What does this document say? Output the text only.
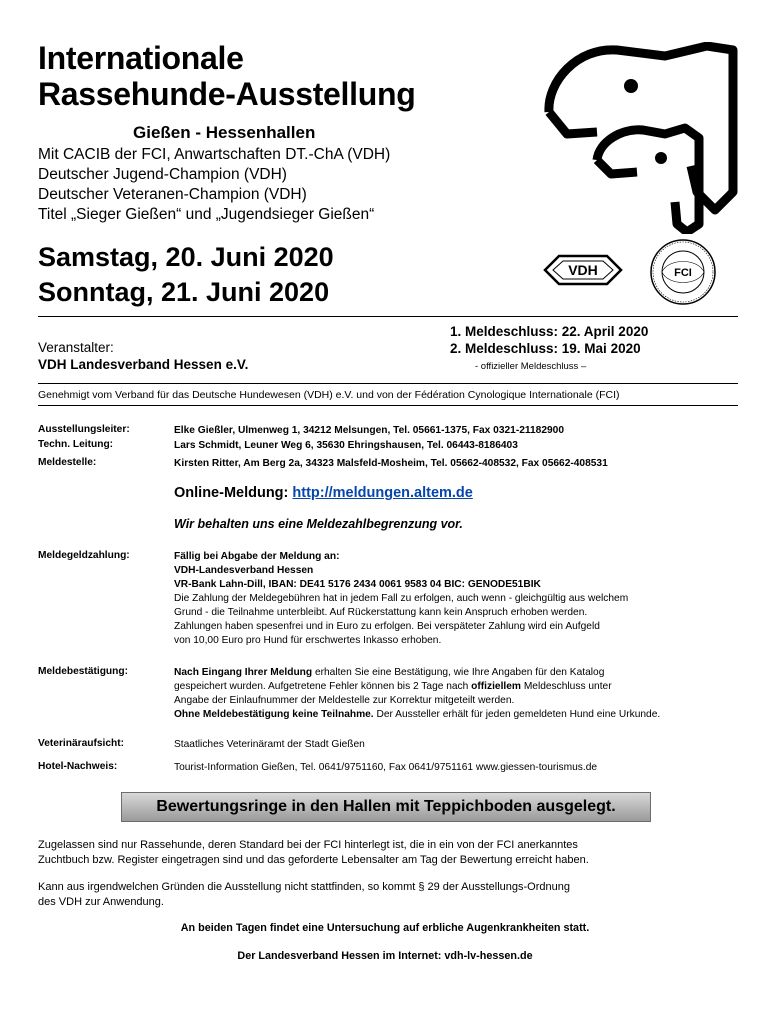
Internationale
Rassehunde-Ausstellung
Gießen - Hessenhallen
Mit CACIB der FCI, Anwartschaften DT.-ChA (VDH)
Deutscher Jugend-Champion (VDH)
Deutscher Veteranen-Champion (VDH)
Titel „Sieger Gießen“ und „Jugendsieger Gießen“
Samstag, 20. Juni 2020
Sonntag, 21. Juni 2020
VDH	FCI
Veranstalter:
VDH Landesverband Hessen e.V.
1. Meldeschluss: 22. April 2020
2. Meldeschluss: 19. Mai 2020
- offizieller Meldeschluss –
Genehmigt vom Verband für das Deutsche Hundewesen (VDH) e.V. und von der Fédération Cynologique Internationale (FCI)
Ausstellungsleiter:	Elke Gießler, Ulmenweg 1, 34212 Melsungen, Tel. 05661-1375, Fax 0321-21182900
Techn. Leitung:	Lars Schmidt, Leuner Weg 6, 35630 Ehringshausen, Tel. 06443-8186403
Meldestelle:	Kirsten Ritter, Am Berg 2a, 34323 Malsfeld-Mosheim, Tel. 05662-408532, Fax 05662-408531
Online-Meldung: http://meldungen.altem.de
Wir behalten uns eine Meldezahlbegrenzung vor.
Meldegeldzahlung:	Fällig bei Abgabe der Meldung an:
VDH-Landesverband Hessen
VR-Bank Lahn-Dill, IBAN: DE41 5176 2434 0061 9583 04 BIC: GENODE51BIK
Die Zahlung der Meldegebühren hat in jedem Fall zu erfolgen, auch wenn - gleichgültig aus welchem
Grund - die Teilnahme unterbleibt. Auf Rückerstattung kann kein Anspruch erhoben werden.
Zahlungen haben spesenfrei und in Euro zu erfolgen. Bei verspäteter Zahlung wird ein Aufgeld
von 10,00 Euro pro Hund für erschwertes Inkasso erhoben.
Meldebestätigung:	Nach Eingang Ihrer Meldung erhalten Sie eine Bestätigung, wie Ihre Angaben für den Katalog
gespeichert wurden. Aufgetretene Fehler können bis 2 Tage nach offiziellem Meldeschluss unter
Angabe der Einlaufnummer der Meldestelle zur Korrektur mitgeteilt werden.
Ohne Meldebestätigung keine Teilnahme. Der Aussteller erhält für jeden gemeldeten Hund eine Urkunde.
Veterinäraufsicht:	Staatliches Veterinäramt der Stadt Gießen
Hotel-Nachweis:	Tourist-Information Gießen, Tel. 0641/9751160, Fax 0641/9751161 www.giessen-tourismus.de
Bewertungsringe in den Hallen mit Teppichboden ausgelegt.
Zugelassen sind nur Rassehunde, deren Standard bei der FCI hinterlegt ist, die in ein von der FCI anerkanntes
Zuchtbuch bzw. Register eingetragen sind und das geforderte Lebensalter am Tag der Bewertung erreicht haben.
Kann aus irgendwelchen Gründen die Ausstellung nicht stattfinden, so kommt § 29 der Ausstellungs-Ordnung
des VDH zur Anwendung.
An beiden Tagen findet eine Untersuchung auf erbliche Augenkrankheiten statt.
Der Landesverband Hessen im Internet: vdh-lv-hessen.de
